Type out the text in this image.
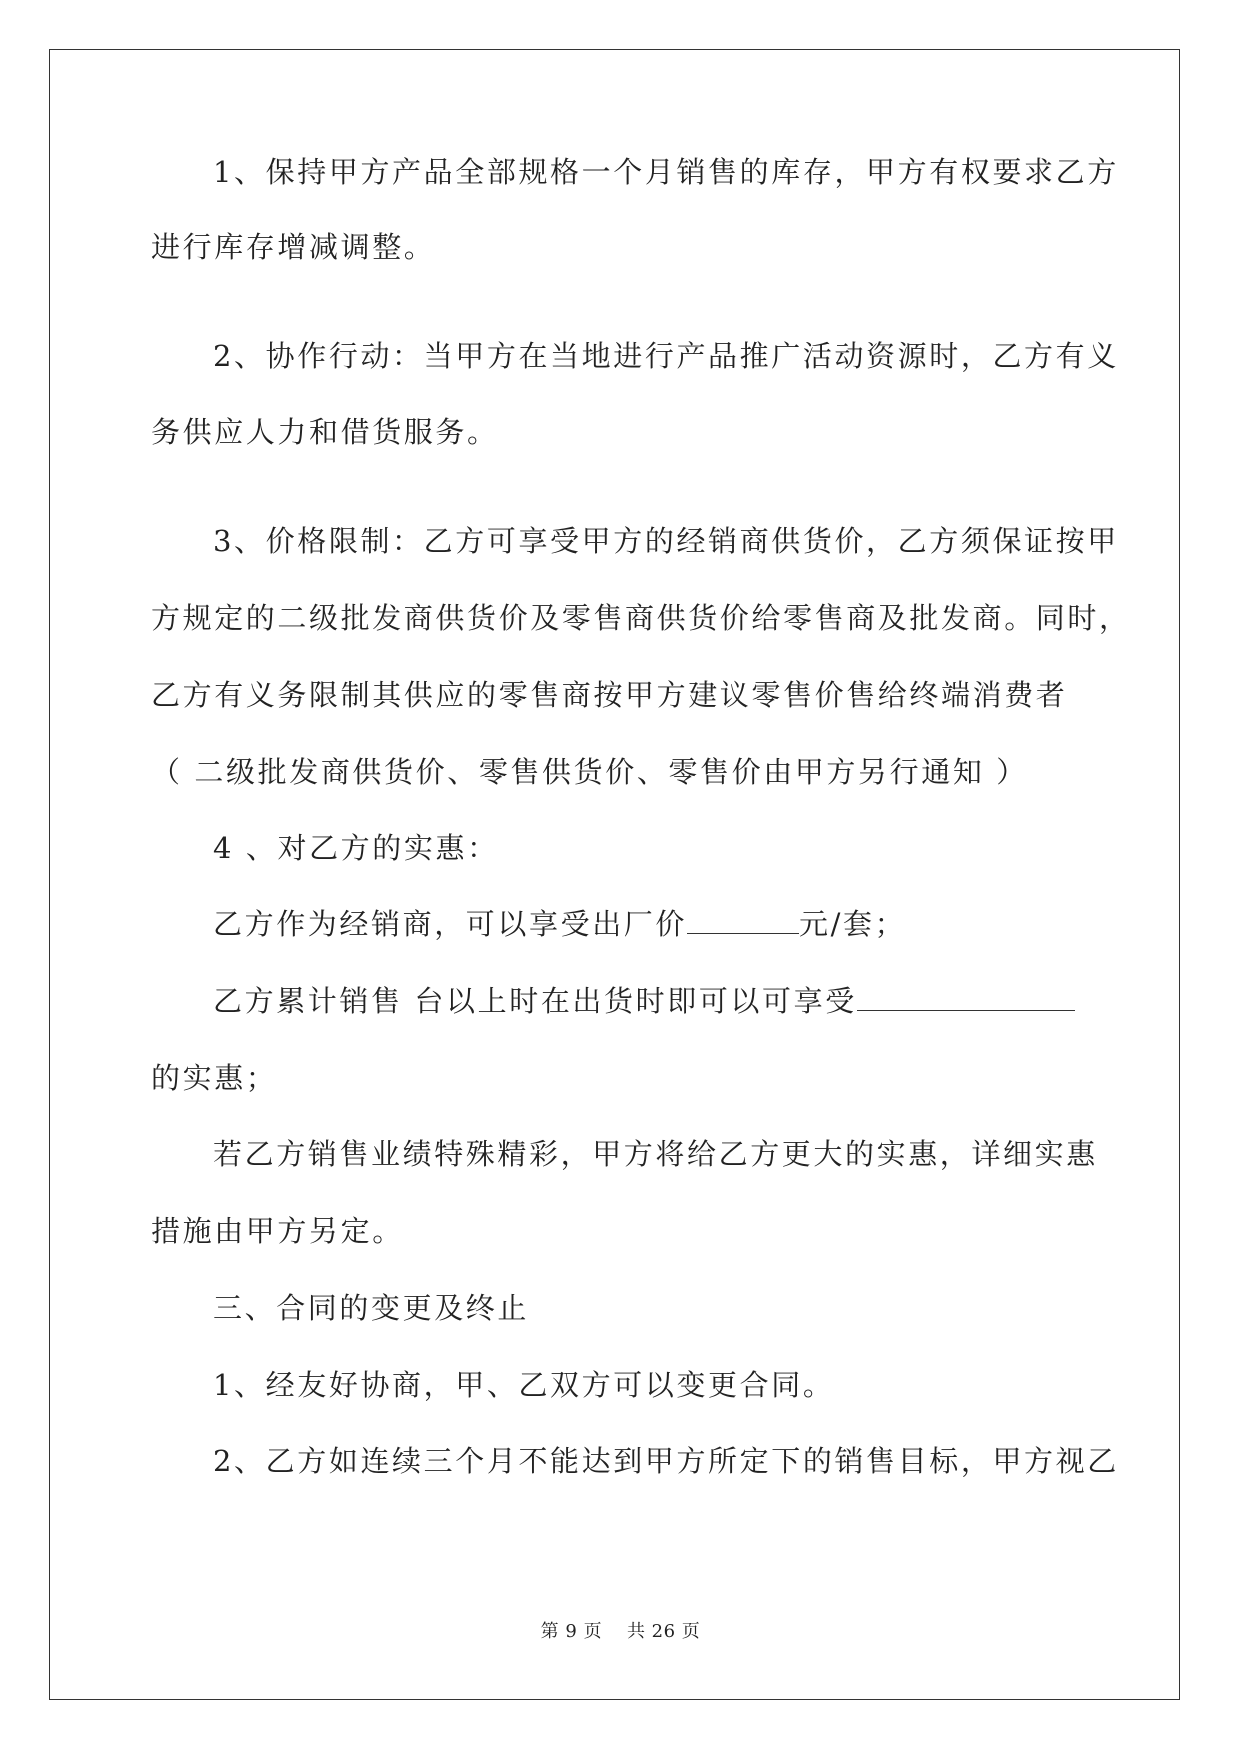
1、保持甲方产品全部规格一个月销售的库存，甲方有权要求乙方
进行库存增减调整。
2、协作行动：当甲方在当地进行产品推广活动资源时，乙方有义
务供应人力和借货服务。
3、价格限制：乙方可享受甲方的经销商供货价，乙方须保证按甲
方规定的二级批发商供货价及零售商供货价给零售商及批发商。同时，
乙方有义务限制其供应的零售商按甲方建议零售价售给终端消费者
（ 二级批发商供货价、零售供货价、零售价由甲方另行通知 ）
4 、对乙方的实惠：
乙方作为经销商，可以享受出厂价	元/套；
乙方累计销售 台以上时在出货时即可以可享受
的实惠；
若乙方销售业绩特殊精彩，甲方将给乙方更大的实惠，详细实惠
措施由甲方另定。
三、合同的变更及终止
1、经友好协商，甲、乙双方可以变更合同。
2、乙方如连续三个月不能达到甲方所定下的销售目标，甲方视乙
第 9 页    共 26 页
